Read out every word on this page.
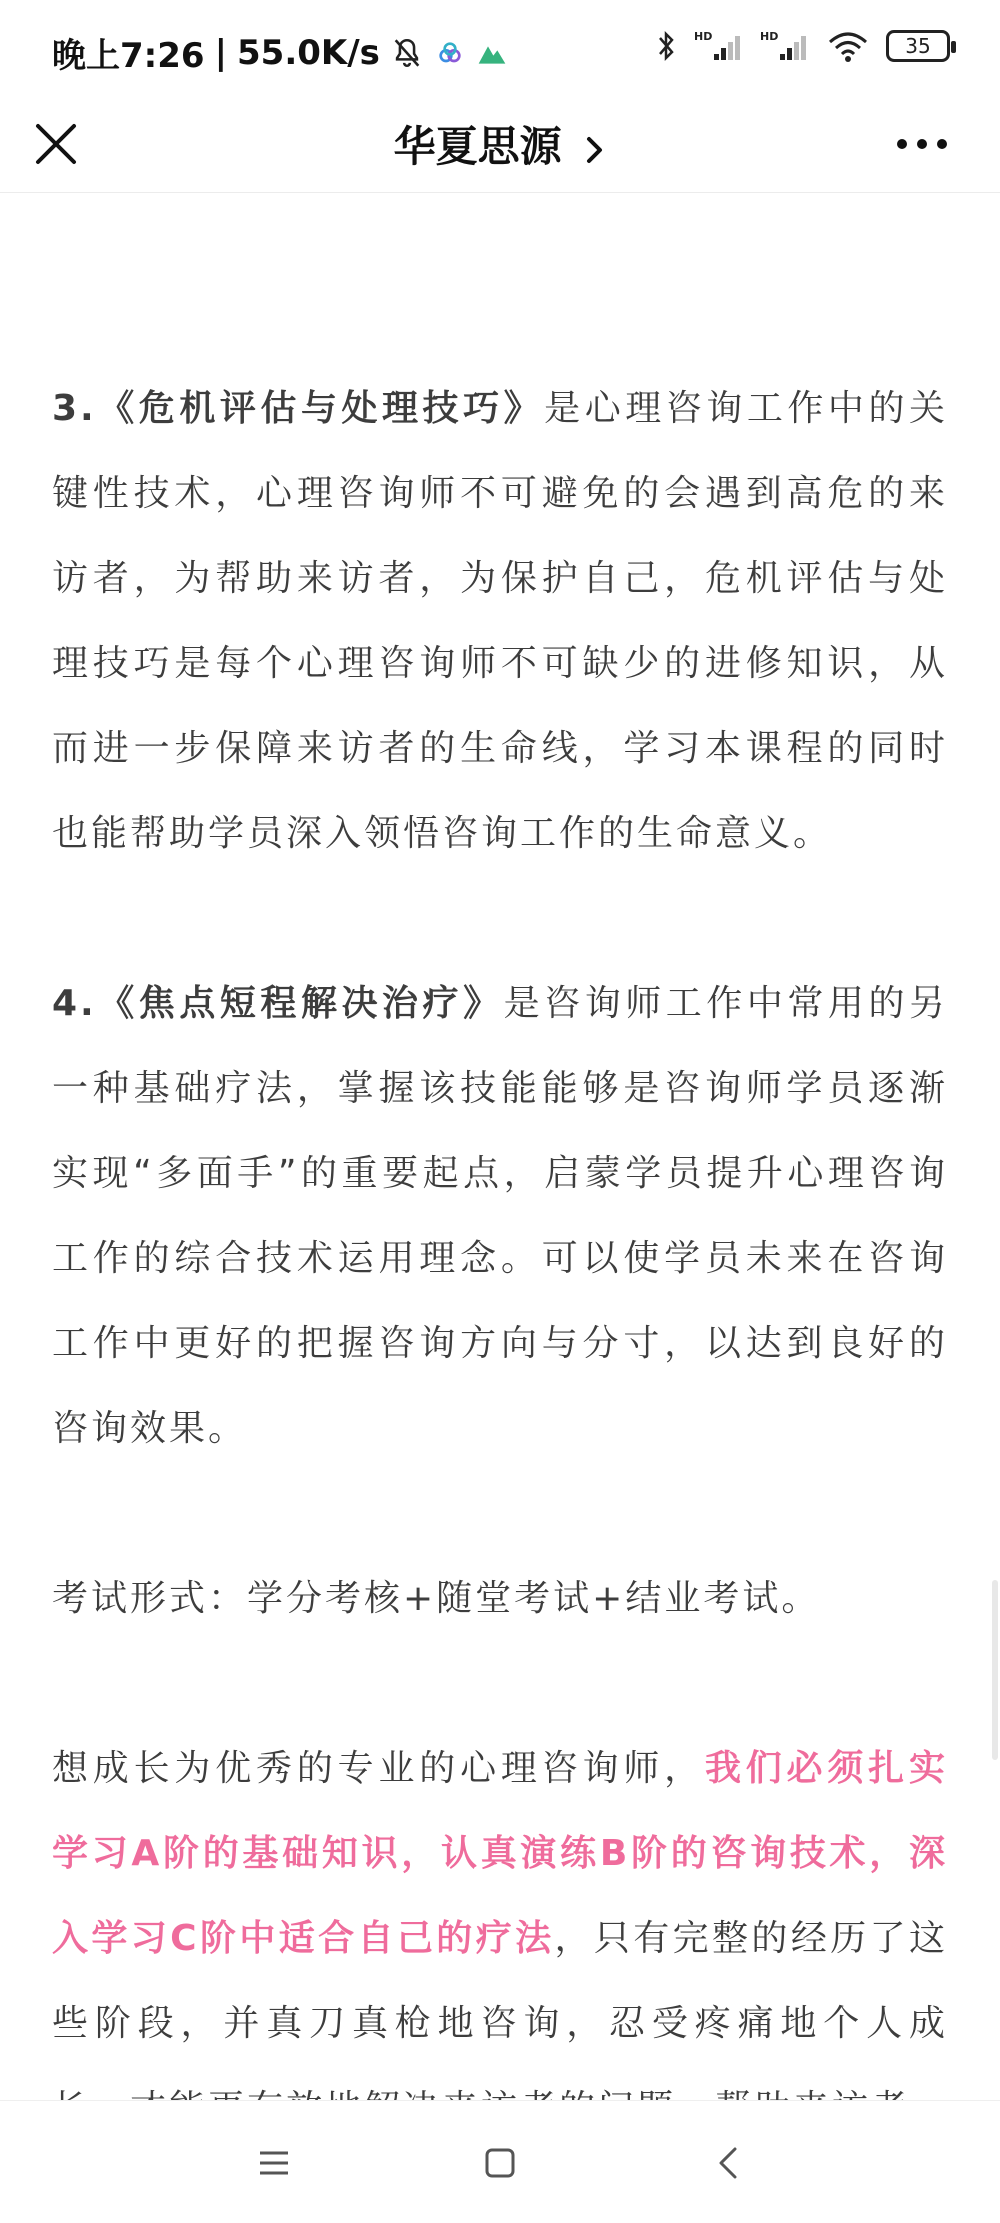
晚上7:26 | 55.0K/s	HD	HD	35
华夏思源

3.《危机评估与处理技巧》是心理咨询工作中的关键性技术，心理咨询师不可避免的会遇到高危的来访者，为帮助来访者，为保护自己，危机评估与处理技巧是每个心理咨询师不可缺少的进修知识，从而进一步保障来访者的生命线，学习本课程的同时也能帮助学员深入领悟咨询工作的生命意义。

4.《焦点短程解决治疗》是咨询师工作中常用的另一种基础疗法，掌握该技能能够是咨询师学员逐渐实现“多面手”的重要起点，启蒙学员提升心理咨询工作的综合技术运用理念。可以使学员未来在咨询工作中更好的把握咨询方向与分寸，以达到良好的咨询效果。

考试形式：学分考核+随堂考试+结业考试。

想成长为优秀的专业的心理咨询师，我们必须扎实学习A阶的基础知识，认真演练B阶的咨询技术，深入学习C阶中适合自己的疗法，只有完整的经历了这些阶段，并真刀真枪地咨询，忍受疼痛地个人成
